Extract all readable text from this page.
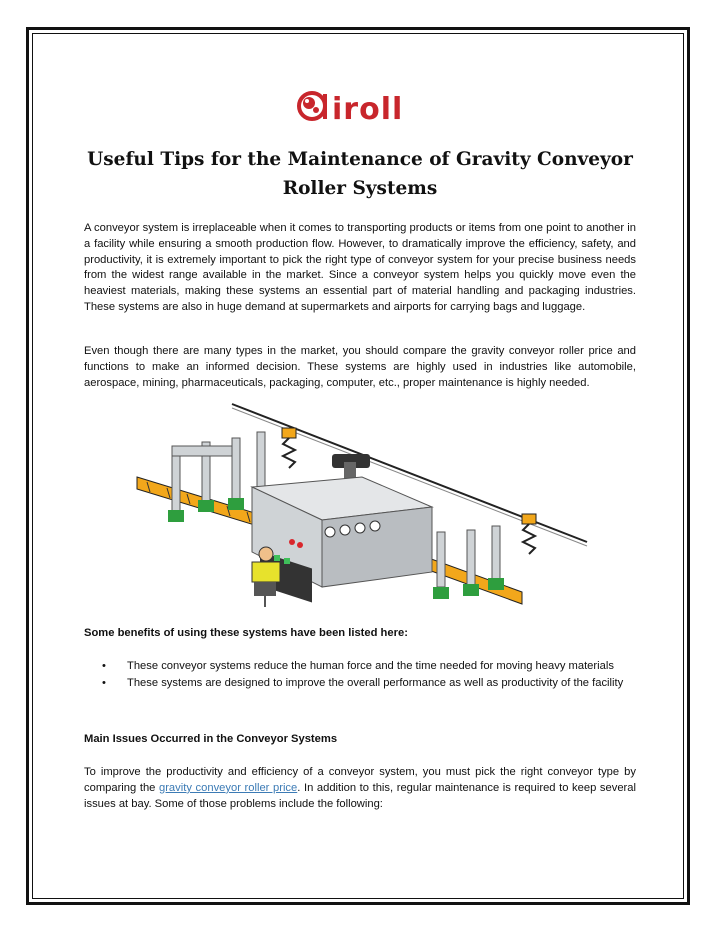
iroll
Useful Tips for the Maintenance of Gravity Conveyor Roller Systems

A conveyor system is irreplaceable when it comes to transporting products or items from one point to another in a facility while ensuring a smooth production flow. However, to dramatically improve the efficiency, safety, and productivity, it is extremely important to pick the right type of conveyor system for your precise business needs from the widest range available in the market. Since a conveyor system helps you quickly move even the heaviest materials, making these systems an essential part of material handling and packaging industries. These systems are also in huge demand at supermarkets and airports for carrying bags and luggage.

Even though there are many types in the market, you should compare the gravity conveyor roller price and functions to make an informed decision. These systems are highly used in industries like automobile, aerospace, mining, pharmaceuticals, packaging, computer, etc., proper maintenance is highly needed.

Some benefits of using these systems have been listed here:
• These conveyor systems reduce the human force and the time needed for moving heavy materials
• These systems are designed to improve the overall performance as well as productivity of the facility
Main Issues Occurred in the Conveyor Systems

To improve the productivity and efficiency of a conveyor system, you must pick the right conveyor type by comparing the gravity conveyor roller price. In addition to this, regular maintenance is required to keep several issues at bay. Some of those problems include the following:
